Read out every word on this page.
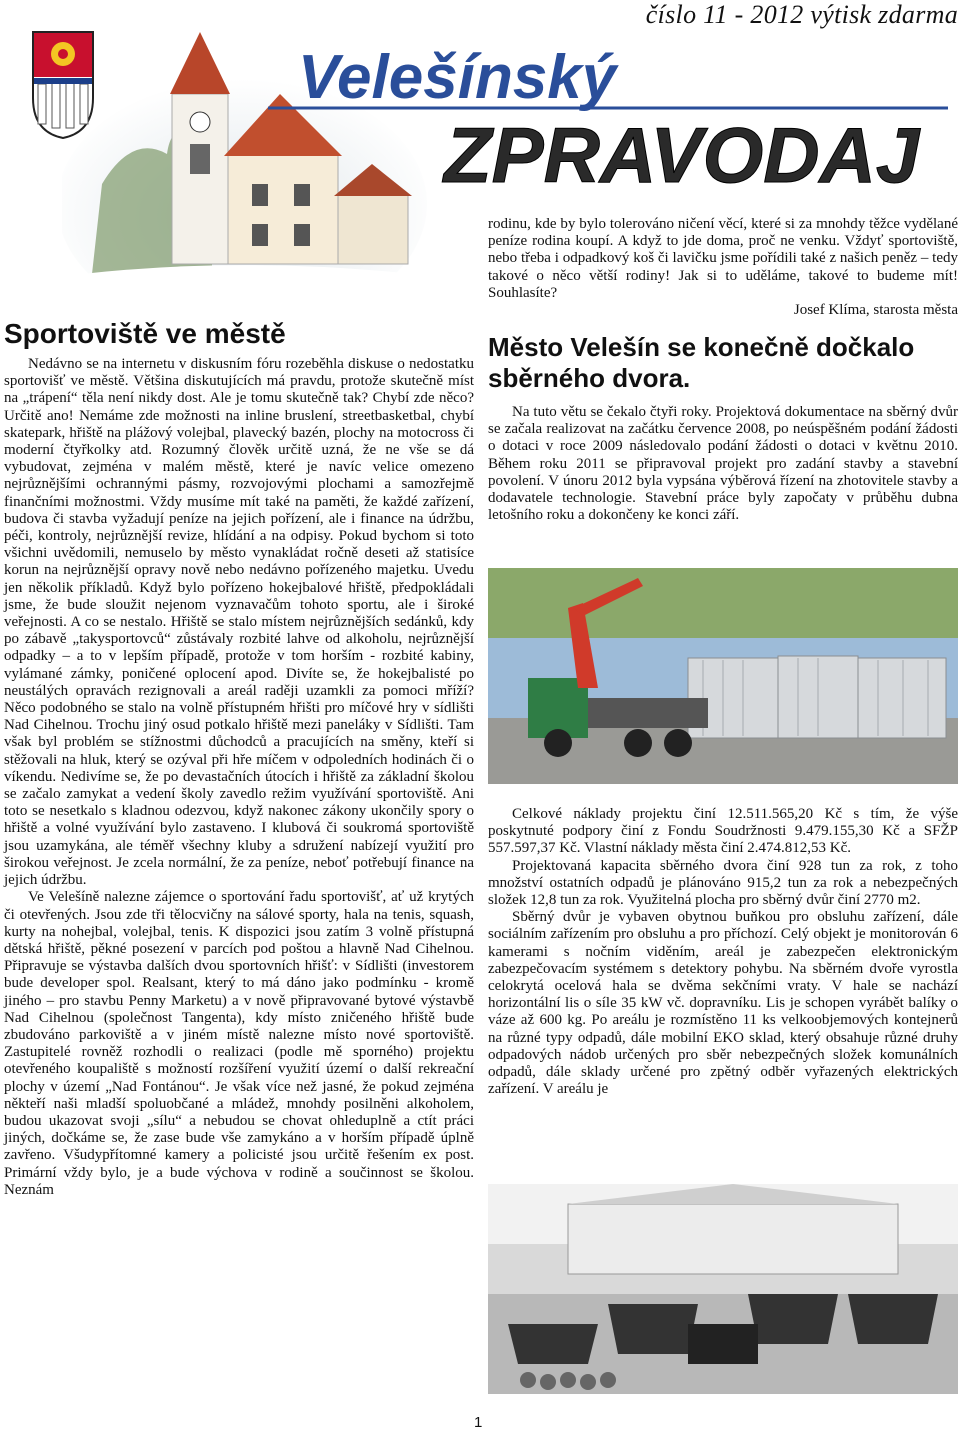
číslo 11 - 2012 výtisk zdarma
Velešínský
ZPRAVODAJ
Sportoviště ve městě

Nedávno se na internetu v diskusním fóru rozeběhla diskuse o nedostatku sportovišť ve městě. Většina diskutujících má pravdu, protože skutečně míst na „trápení“ těla není nikdy dost. Ale je tomu skutečně tak? Chybí zde něco? Určitě ano! Nemáme zde možnosti na inline bruslení, streetbasketbal, chybí skatepark, hřiště na plážový volejbal, plavecký bazén, plochy na motocross či moderní čtyřkolky atd. Rozumný člověk určitě uzná, že ne vše se dá vybudovat, zejména v malém městě, které je navíc velice omezeno nejrůznějšími ochrannými pásmy, rozvojovými plochami a samozřejmě finančními možnostmi. Vždy musíme mít také na paměti, že každé zařízení, budova či stavba vyžadují peníze na jejich pořízení, ale i finance na údržbu, péči, kontroly, nejrůznější revize, hlídání a na odpisy. Pokud bychom si toto všichni uvědomili, nemuselo by město vynakládat ročně deseti až statisíce korun na nejrůznější opravy nově nebo nedávno pořízeného majetku. Uvedu jen několik příkladů. Když bylo pořízeno hokejbalové hřiště, předpokládali jsme, že bude sloužit nejenom vyznavačům tohoto sportu, ale i široké veřejnosti. A co se nestalo. Hřiště se stalo místem nejrůznějších sedánků, kdy po zábavě „takysportovců“ zůstávaly rozbité lahve od alkoholu, nejrůznější odpadky – a to v lepším případě, protože v tom horším - rozbité kabiny, vylámané zámky, poničené oplocení apod. Divíte se, že hokejbalisté po neustálých opravách rezignovali a areál raději uzamkli za pomoci mříží? Něco podobného se stalo na volně přístupném hřišti pro míčové hry v sídlišti Nad Cihelnou. Trochu jiný osud potkalo hřiště mezi paneláky v Sídlišti. Tam však byl problém se stížnostmi důchodců a pracujících na směny, kteří si stěžovali na hluk, který se ozýval při hře míčem v odpoledních hodinách či o víkendu. Nedivíme se, že po devastačních útocích i hřiště za základní školou se začalo zamykat a vedení školy zavedlo režim využívání sportoviště. Ani toto se nesetkalo s kladnou odezvou, když nakonec zákony ukončily spory o hřiště a volné využívání bylo zastaveno. I klubová či soukromá sportoviště jsou uzamykána, ale téměř všechny kluby a sdružení nabízejí využití pro širokou veřejnost. Je zcela normální, že za peníze, neboť potřebují finance na jejich údržbu.

Ve Velešíně nalezne zájemce o sportování řadu sportovišť, ať už krytých či otevřených. Jsou zde tři tělocvičny na sálové sporty, hala na tenis, squash, kurty na nohejbal, volejbal, tenis. K dispozici jsou zatím 3 volně přístupná dětská hřiště, pěkné posezení v parcích pod poštou a hlavně Nad Cihelnou. Připravuje se výstavba dalších dvou sportovních hřišť: v Sídlišti (investorem bude developer spol. Realsant, který to má dáno jako podmínku - kromě jiného – pro stavbu Penny Marketu) a v nově připravované bytové výstavbě Nad Cihelnou (společnost Tangenta), kdy místo zničeného hřiště bude zbudováno parkoviště a v jiném místě nalezne místo nové sportoviště. Zastupitelé rovněž rozhodli o realizaci (podle mě sporného) projektu otevřeného koupaliště s možností rozšíření využití území o další rekreační plochy v území „Nad Fontánou“. Je však více než jasné, že pokud zejména někteří naši mladší spoluobčané a mládež, mnohdy posilněni alkoholem, budou ukazovat svoji „sílu“ a nebudou se chovat ohleduplně a ctít práci jiných, dočkáme se, že zase bude vše zamykáno a v horším případě úplně zavřeno. Všudypřítomné kamery a policisté jsou určitě řešením ex post. Primární vždy bylo, je a bude výchova v rodině a součinnost se školou. Neznám

rodinu, kde by bylo tolerováno ničení věcí, které si za mnohdy těžce vydělané peníze rodina koupí. A když to jde doma, proč ne venku. Vždyť sportoviště, nebo třeba i odpadkový koš či lavičku jsme pořídili také z našich peněz – tedy takové o něco větší rodiny! Jak si to uděláme, takové to budeme mít! Souhlasíte?

Josef Klíma, starosta města

Město Velešín se konečně dočkalo sběrného dvora.

Na tuto větu se čekalo čtyři roky. Projektová dokumentace na sběrný dvůr se začala realizovat na začátku července 2008, po neúspěšném podání žádosti o dotaci v roce 2009 následovalo podání žádosti o dotaci v květnu 2010. Během roku 2011 se připravoval projekt pro zadání stavby a stavební povolení. V únoru 2012 byla vypsána výběrová řízení na zhotovitele stavby a dodavatele technologie. Stavební práce byly započaty v průběhu dubna letošního roku a dokončeny ke konci září.

Celkové náklady projektu činí 12.511.565,20 Kč s tím, že výše poskytnuté podpory činí z Fondu Soudržnosti 9.479.155,30 Kč a SFŽP 557.597,37 Kč. Vlastní náklady města činí 2.474.812,53 Kč.

Projektovaná kapacita sběrného dvora činí 928 tun za rok, z toho množství ostatních odpadů je plánováno 915,2 tun za rok a nebezpečných složek 12,8 tun za rok. Využitelná plocha pro sběrný dvůr činí 2770 m2.

Sběrný dvůr je vybaven obytnou buňkou pro obsluhu zařízení, dále sociálním zařízením pro obsluhu a pro příchozí. Celý objekt je monitorován 6 kamerami s nočním viděním, areál je zabezpečen elektronickým zabezpečovacím systémem s detektory pohybu. Na sběrném dvoře vyrostla celokrytá ocelová hala se dvěma sekčními vraty. V hale se nachází horizontální lis o síle 35 kW vč. dopravníku. Lis je schopen vyrábět balíky o váze až 600 kg. Po areálu je rozmístěno 11 ks velkoobjemových kontejnerů na různé typy odpadů, dále mobilní EKO sklad, který obsahuje různé druhy odpadových nádob určených pro sběr nebezpečných složek komunálních odpadů, dále sklady určené pro zpětný odběr vyřazených elektrických zařízení. V areálu je

1
